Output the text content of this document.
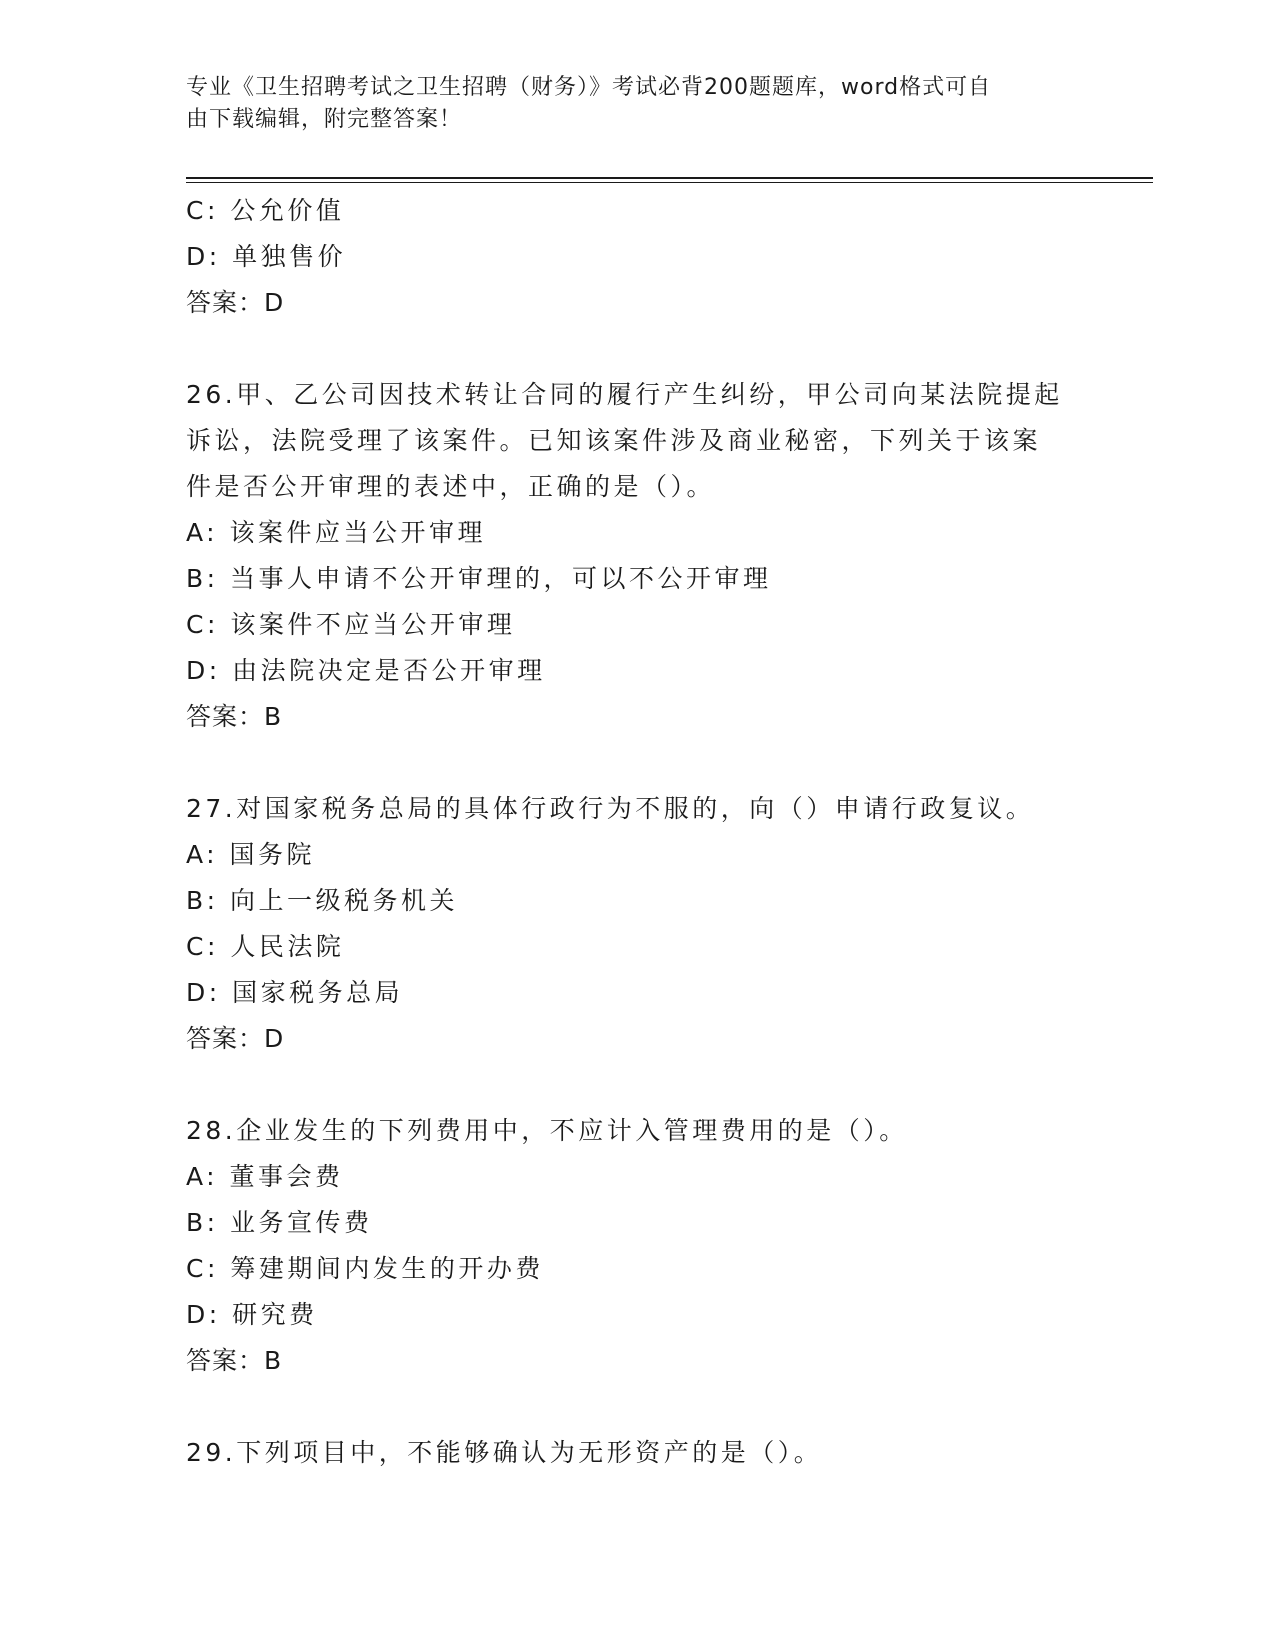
专业《卫生招聘考试之卫生招聘（财务）》考试必背200题题库，word格式可自
由下载编辑，附完整答案！
C: 公允价值
D: 单独售价
答案：D
26.甲、乙公司因技术转让合同的履行产生纠纷，甲公司向某法院提起
诉讼，法院受理了该案件。已知该案件涉及商业秘密，下列关于该案
件是否公开审理的表述中，正确的是（）。
A: 该案件应当公开审理
B: 当事人申请不公开审理的，可以不公开审理
C: 该案件不应当公开审理
D: 由法院决定是否公开审理
答案：B
27.对国家税务总局的具体行政行为不服的，向（）申请行政复议。
A: 国务院
B: 向上一级税务机关
C: 人民法院
D: 国家税务总局
答案：D
28.企业发生的下列费用中，不应计入管理费用的是（）。
A: 董事会费
B: 业务宣传费
C: 筹建期间内发生的开办费
D: 研究费
答案：B
29.下列项目中，不能够确认为无形资产的是（）。
